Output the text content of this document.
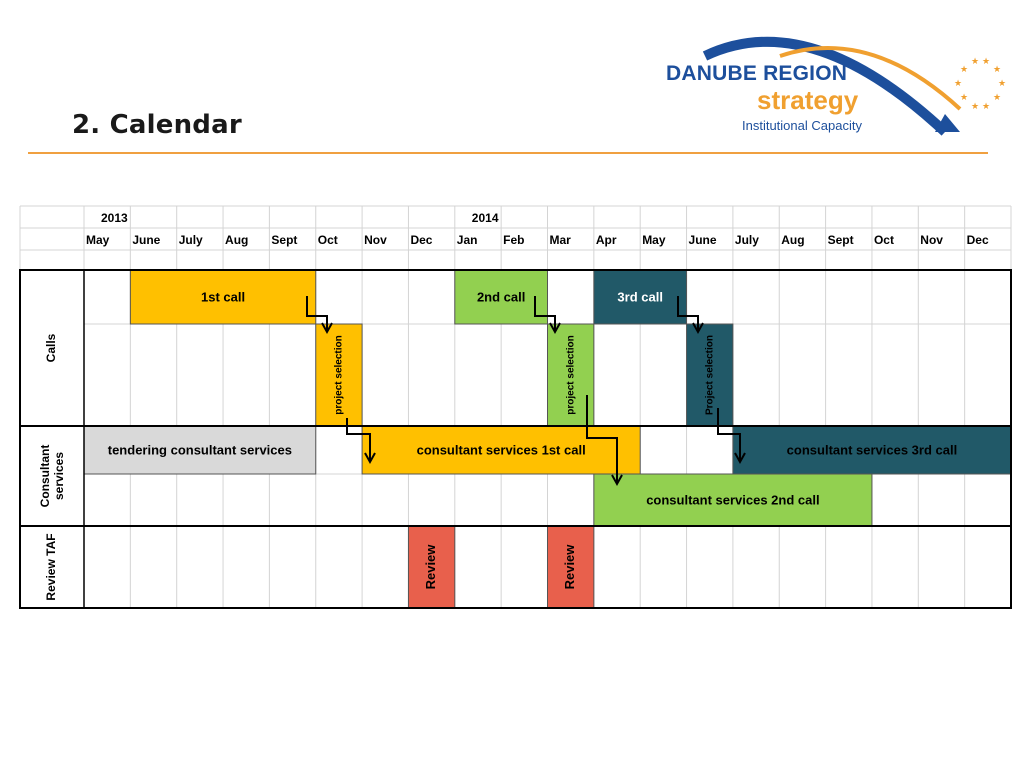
2. Calendar
★
★ ★
★
★
★
★
★
★
★
DANUBE REGION
strategy
Institutional Capacity
2013	2014
May June July Aug Sept Oct Nov Dec Jan Feb Mar Apr May June July Aug Sept Oct Nov Dec
1st call	2nd call	3rd call
project selection	project selection	Project selection
tendering consultant services	consultant services 1st call	consultant services 3rd call
consultant services 2nd call
Review	Review
Calls
Consultantservices
Review TAF
